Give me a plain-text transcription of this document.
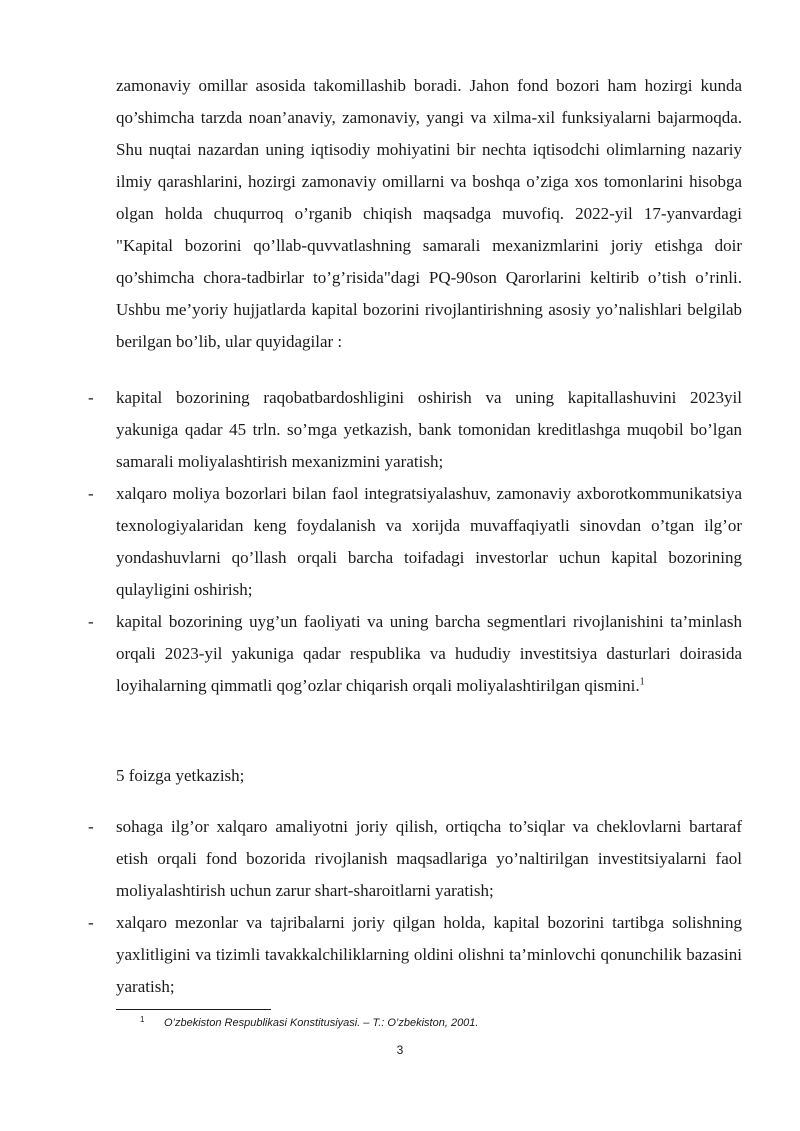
zamonaviy omillar asosida takomillashib boradi. Jahon fond bozori ham hozirgi kunda qo’shimcha tarzda noan’anaviy, zamonaviy, yangi va xilma-xil funksiyalarni bajarmoqda. Shu nuqtai nazardan uning iqtisodiy mohiyatini bir nechta iqtisodchi olimlarning nazariy ilmiy qarashlarini, hozirgi zamonaviy omillarni va boshqa o’ziga xos tomonlarini hisobga olgan holda chuqurroq o’rganib chiqish maqsadga muvofiq. 2022-yil 17-yanvardagi "Kapital bozorini qo’llab-quvvatlashning samarali mexanizmlarini joriy etishga doir qo’shimcha chora-tadbirlar to’g’risida"dagi PQ-90son Qarorlarini keltirib o’tish o’rinli. Ushbu me’yoriy hujjatlarda kapital bozorini rivojlantirishning asosiy yo’nalishlari belgilab berilgan bo’lib, ular quyidagilar :
- kapital bozorining raqobatbardoshligini oshirish va uning kapitallashuvini 2023yil yakuniga qadar 45 trln. so’mga yetkazish, bank tomonidan kreditlashga muqobil bo’lgan samarali moliyalashtirish mexanizmini yaratish;
- xalqaro moliya bozorlari bilan faol integratsiyalashuv, zamonaviy axborotkommunikatsiya texnologiyalaridan keng foydalanish va xorijda muvaffaqiyatli sinovdan o’tgan ilg’or yondashuvlarni qo’llash orqali barcha toifadagi investorlar uchun kapital bozorining qulayligini oshirish;
- kapital bozorining uyg’un faoliyati va uning barcha segmentlari rivojlanishini ta’minlash orqali 2023-yil yakuniga qadar respublika va hududiy investitsiya dasturlari doirasida loyihalarning qimmatli qog’ozlar chiqarish orqali moliyalashtirilgan qismini.$^1$
5 foizga yetkazish;
- sohaga ilg’or xalqaro amaliyotni joriy qilish, ortiqcha to’siqlar va cheklovlarni bartaraf etish orqali fond bozorida rivojlanish maqsadlariga yo’naltirilgan investitsiyalarni faol moliyalashtirish uchun zarur shart-sharoitlarni yaratish;
- xalqaro mezonlar va tajribalarni joriy qilgan holda, kapital bozorini tartibga solishning yaxlitligini va tizimli tavakkalchiliklarning oldini olishni ta’minlovchi qonunchilik bazasini yaratish;
1 O’zbekiston Respublikasi Konstitusiyasi. – T.: O’zbekiston, 2001.
3
